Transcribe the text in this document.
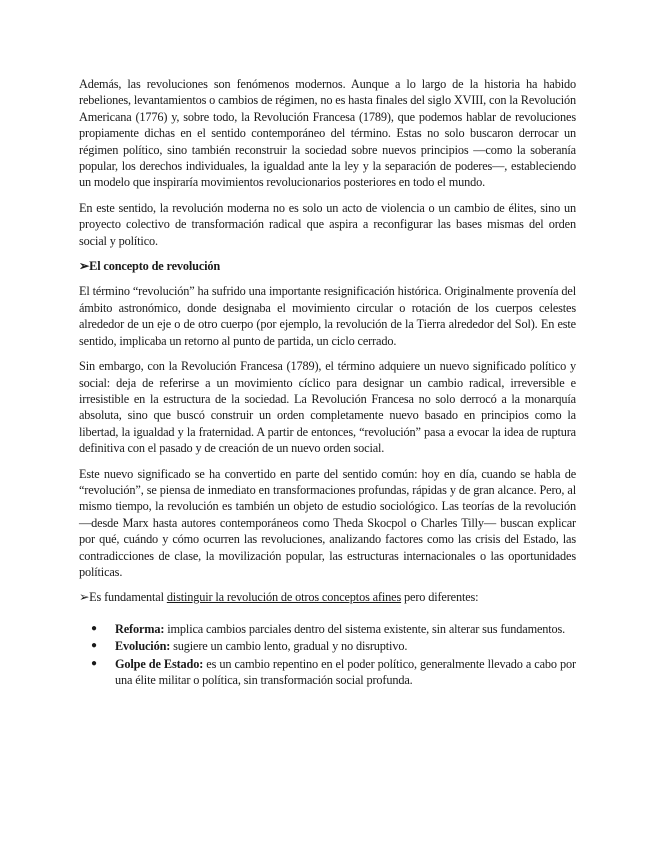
Además, las revoluciones son fenómenos modernos. Aunque a lo largo de la historia ha habido rebeliones, levantamientos o cambios de régimen, no es hasta finales del siglo XVIII, con la Revolución Americana (1776) y, sobre todo, la Revolución Francesa (1789), que podemos hablar de revoluciones propiamente dichas en el sentido contemporáneo del término. Estas no solo buscaron derrocar un régimen político, sino también reconstruir la sociedad sobre nuevos principios —como la soberanía popular, los derechos individuales, la igualdad ante la ley y la separación de poderes—, estableciendo un modelo que inspiraría movimientos revolucionarios posteriores en todo el mundo.

En este sentido, la revolución moderna no es solo un acto de violencia o un cambio de élites, sino un proyecto colectivo de transformación radical que aspira a reconfigurar las bases mismas del orden social y político.

➢El concepto de revolución

El término “revolución” ha sufrido una importante resignificación histórica. Originalmente provenía del ámbito astronómico, donde designaba el movimiento circular o rotación de los cuerpos celestes alrededor de un eje o de otro cuerpo (por ejemplo, la revolución de la Tierra alrededor del Sol). En este sentido, implicaba un retorno al punto de partida, un ciclo cerrado.

Sin embargo, con la Revolución Francesa (1789), el término adquiere un nuevo significado político y social: deja de referirse a un movimiento cíclico para designar un cambio radical, irreversible e irresistible en la estructura de la sociedad. La Revolución Francesa no solo derrocó a la monarquía absoluta, sino que buscó construir un orden completamente nuevo basado en principios como la libertad, la igualdad y la fraternidad. A partir de entonces, “revolución” pasa a evocar la idea de ruptura definitiva con el pasado y de creación de un nuevo orden social.

Este nuevo significado se ha convertido en parte del sentido común: hoy en día, cuando se habla de “revolución”, se piensa de inmediato en transformaciones profundas, rápidas y de gran alcance. Pero, al mismo tiempo, la revolución es también un objeto de estudio sociológico. Las teorías de la revolución —desde Marx hasta autores contemporáneos como Theda Skocpol o Charles Tilly— buscan explicar por qué, cuándo y cómo ocurren las revoluciones, analizando factores como las crisis del Estado, las contradicciones de clase, la movilización popular, las estructuras internacionales o las oportunidades políticas.

➢Es fundamental distinguir la revolución de otros conceptos afines pero diferentes:

● Reforma: implica cambios parciales dentro del sistema existente, sin alterar sus fundamentos.
● Evolución: sugiere un cambio lento, gradual y no disruptivo.
● Golpe de Estado: es un cambio repentino en el poder político, generalmente llevado a cabo por una élite militar o política, sin transformación social profunda.
